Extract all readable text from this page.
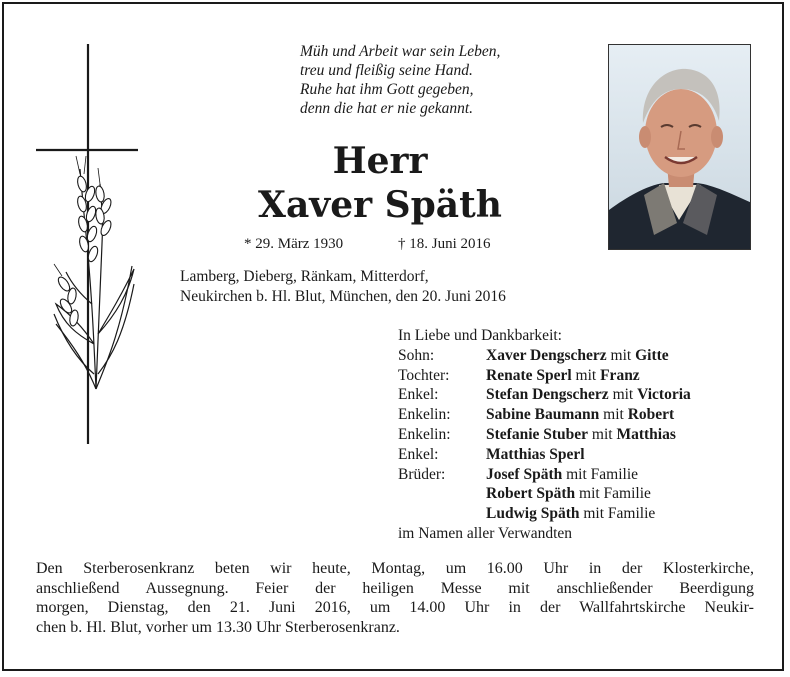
Müh und Arbeit war sein Leben,
treu und fleißig seine Hand.
Ruhe hat ihm Gott gegeben,
denn die hat er nie gekannt.
Herr
Xaver Späth
* 29. März 1930	† 18. Juni 2016
Lamberg, Dieberg, Ränkam, Mitterdorf,
Neukirchen b. Hl. Blut, München, den 20. Juni 2016
In Liebe und Dankbarkeit:
Sohn:	Xaver Dengscherz mit Gitte
Tochter:	Renate Sperl mit Franz
Enkel:	Stefan Dengscherz mit Victoria
Enkelin:	Sabine Baumann mit Robert
Enkelin:	Stefanie Stuber mit Matthias
Enkel:	Matthias Sperl
Brüder:	Josef Späth mit Familie
Robert Späth mit Familie
Ludwig Späth mit Familie
im Namen aller Verwandten
Den Sterberosenkranz beten wir heute, Montag, um 16.00 Uhr in der Klosterkirche,
anschließend Aussegnung. Feier der heiligen Messe mit anschließender Beerdigung
morgen, Dienstag, den 21. Juni 2016, um 14.00 Uhr in der Wallfahrtskirche Neukir-
chen b. Hl. Blut, vorher um 13.30 Uhr Sterberosenkranz.
